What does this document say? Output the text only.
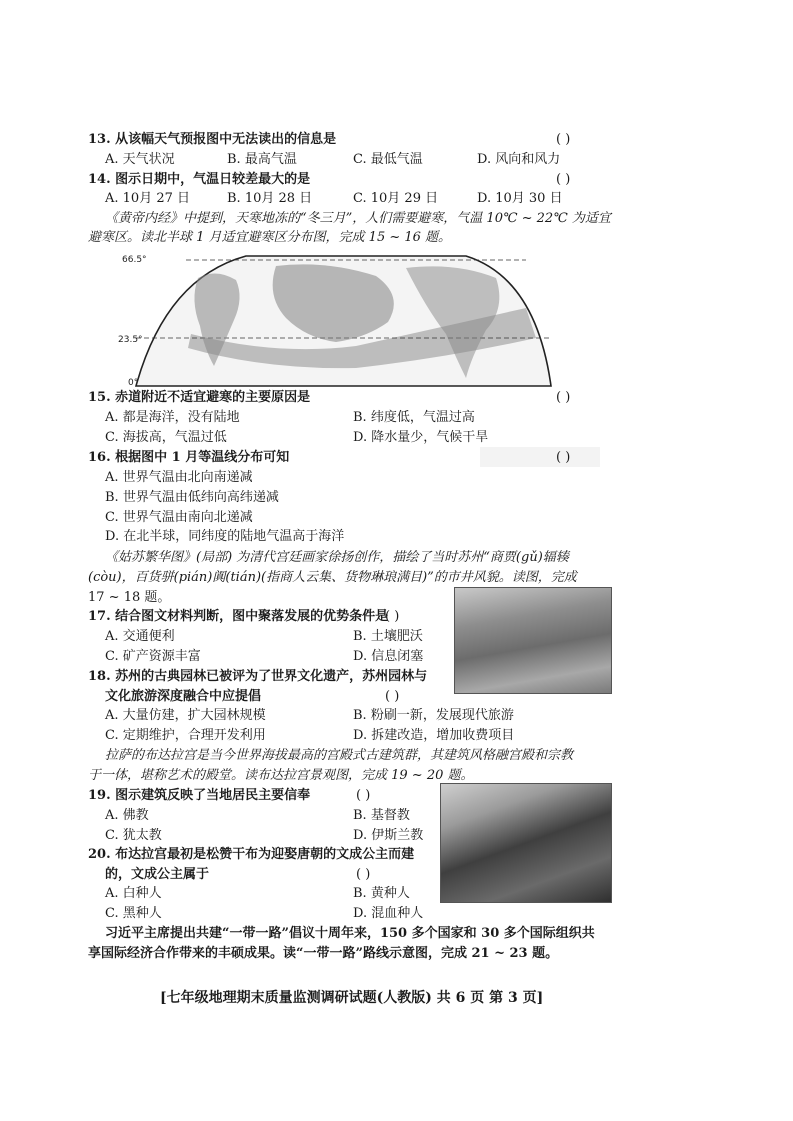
13. 从该幅天气预报图中无法读出的信息是	( )
A. 天气状况	B. 最高气温	C. 最低气温	D. 风向和风力
14. 图示日期中，气温日较差最大的是	( )
A. 10月 27 日	B. 10月 28 日	C. 10月 29 日	D. 10月 30 日
《黄帝内经》中提到，天寒地冻的“冬三月”，人们需要避寒，气温 10℃ ~ 22℃ 为适宜
避寒区。读北半球 1 月适宜避寒区分布图，完成 15 ~ 16 题。
66.5°
23.5°
0°
15. 赤道附近不适宜避寒的主要原因是	( )
A. 都是海洋，没有陆地	B. 纬度低，气温过高
C. 海拔高，气温过低	D. 降水量少，气候干旱
16. 根据图中 1 月等温线分布可知	( )
A. 世界气温由北向南递减
B. 世界气温由低纬向高纬递减
C. 世界气温由南向北递减
D. 在北半球，同纬度的陆地气温高于海洋
《姑苏繁华图》(局部) 为清代宫廷画家徐扬创作，描绘了当时苏州“商贾(gǔ)辐辏
(còu)，百货骈(pián)阗(tián)(指商人云集、货物琳琅满目)”的市井风貌。读图，完成
17 ~ 18 题。
17. 结合图文材料判断，图中聚落发展的优势条件是
( )
A. 交通便利	B. 土壤肥沃
C. 矿产资源丰富	D. 信息闭塞
18. 苏州的古典园林已被评为了世界文化遗产，苏州园林与
文化旅游深度融合中应提倡	( )
A. 大量仿建，扩大园林规模	B. 粉刷一新，发展现代旅游
C. 定期维护，合理开发利用	D. 拆建改造，增加收费项目
拉萨的布达拉宫是当今世界海拔最高的宫殿式古建筑群，其建筑风格融宫殿和宗教
于一体，堪称艺术的殿堂。读布达拉宫景观图，完成 19 ~ 20 题。
19. 图示建筑反映了当地居民主要信奉	( )
A. 佛教	B. 基督教
C. 犹太教	D. 伊斯兰教
20. 布达拉宫最初是松赞干布为迎娶唐朝的文成公主而建
的，文成公主属于	( )
A. 白种人	B. 黄种人
C. 黑种人	D. 混血种人
习近平主席提出共建“一带一路”倡议十周年来，150 多个国家和 30 多个国际组织共
享国际经济合作带来的丰硕成果。读“一带一路”路线示意图，完成 21 ~ 23 题。
[七年级地理期末质量监测调研试题(人教版) 共 6 页 第 3 页]
